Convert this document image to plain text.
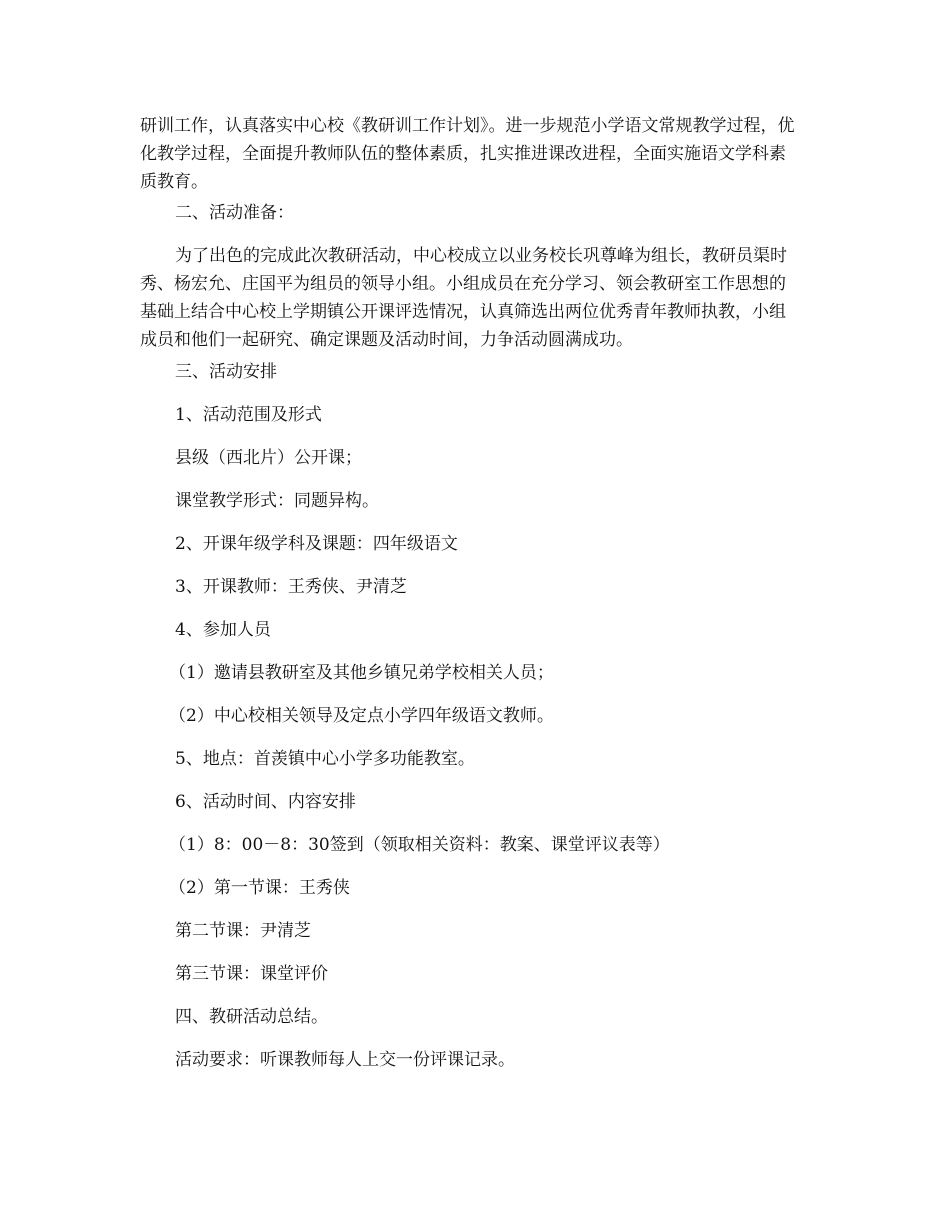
研训工作，认真落实中心校《教研训工作计划》。进一步规范小学语文常规教学过程，优化教学过程，全面提升教师队伍的整体素质，扎实推进课改进程，全面实施语文学科素质教育。

二、活动准备：

为了出色的完成此次教研活动，中心校成立以业务校长巩尊峰为组长，教研员渠时秀、杨宏允、庄国平为组员的领导小组。小组成员在充分学习、领会教研室工作思想的基础上结合中心校上学期镇公开课评选情况，认真筛选出两位优秀青年教师执教，小组成员和他们一起研究、确定课题及活动时间，力争活动圆满成功。

三、活动安排

1、活动范围及形式

县级（西北片）公开课；

课堂教学形式：同题异构。

2、开课年级学科及课题：四年级语文

3、开课教师：王秀侠、尹清芝

4、参加人员

（1）邀请县教研室及其他乡镇兄弟学校相关人员；

（2）中心校相关领导及定点小学四年级语文教师。

5、地点：首羡镇中心小学多功能教室。

6、活动时间、内容安排

（1）8：00－8：30签到（领取相关资料：教案、课堂评议表等）

（2）第一节课：王秀侠

第二节课：尹清芝

第三节课：课堂评价

四、教研活动总结。

活动要求：听课教师每人上交一份评课记录。
